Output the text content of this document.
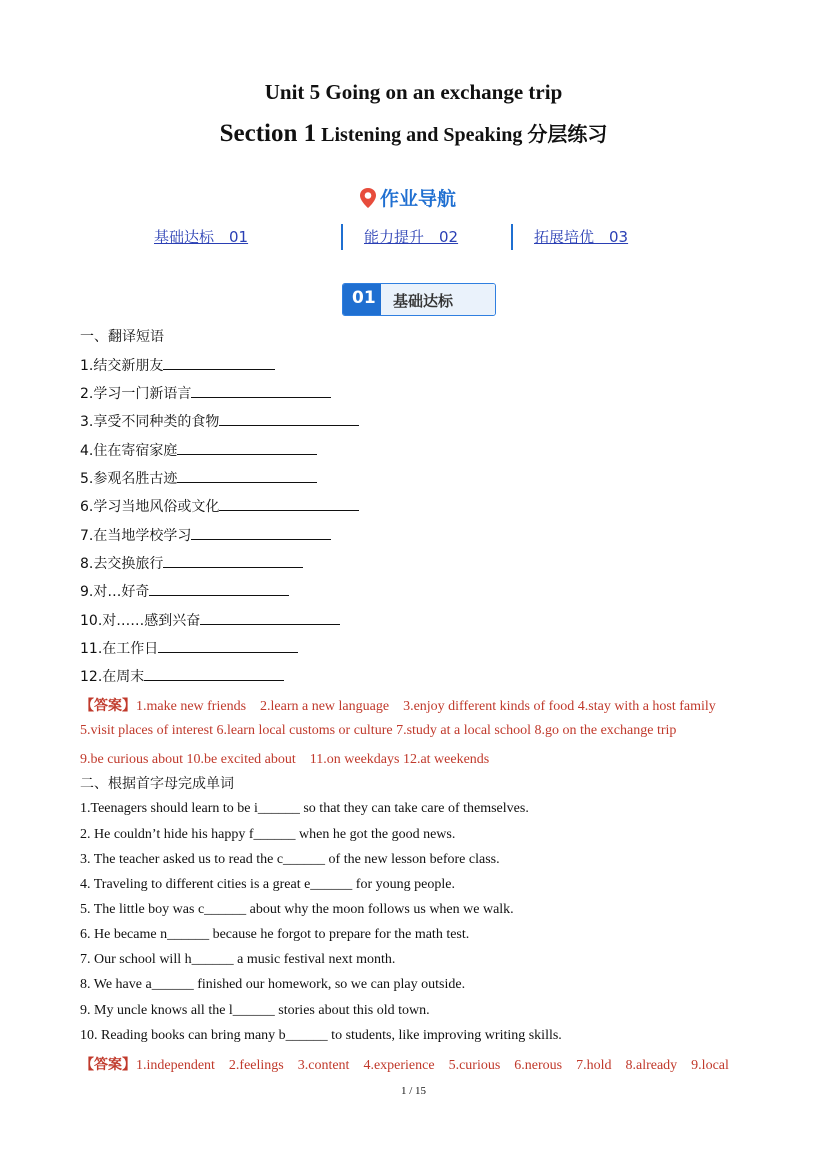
Unit 5 Going on an exchange trip
Section 1 Listening and Speaking 分层练习
作业导航
基础达标　01	能力提升　02	拓展培优　03
01	基础达标
一、翻译短语
1.结交新朋友
2.学习一门新语言
3.享受不同种类的食物
4.住在寄宿家庭
5.参观名胜古迹
6.学习当地风俗或文化
7.在当地学校学习
8.去交换旅行
9.对…好奇
10.对……感到兴奋
11.在工作日
12.在周末
【答案】1.make new friends　2.learn a new language　3.enjoy different kinds of food 4.stay with a host family
5.visit places of interest 6.learn local customs or culture 7.study at a local school 8.go on the exchange trip
9.be curious about 10.be excited about　11.on weekdays 12.at weekends
二、根据首字母完成单词
1.Teenagers should learn to be i______ so that they can take care of themselves.
2. He couldn’t hide his happy f______ when he got the good news.
3. The teacher asked us to read the c______ of the new lesson before class.
4. Traveling to different cities is a great e______ for young people.
5. The little boy was c______ about why the moon follows us when we walk.
6. He became n______ because he forgot to prepare for the math test.
7. Our school will h______ a music festival next month.
8. We have a______ finished our homework, so we can play outside.
9. My uncle knows all the l______ stories about this old town.
10. Reading books can bring many b______ to students, like improving writing skills.
【答案】1.independent　2.feelings　3.content　4.experience　5.curious　6.nerous　7.hold　8.already　9.local
1 / 15
